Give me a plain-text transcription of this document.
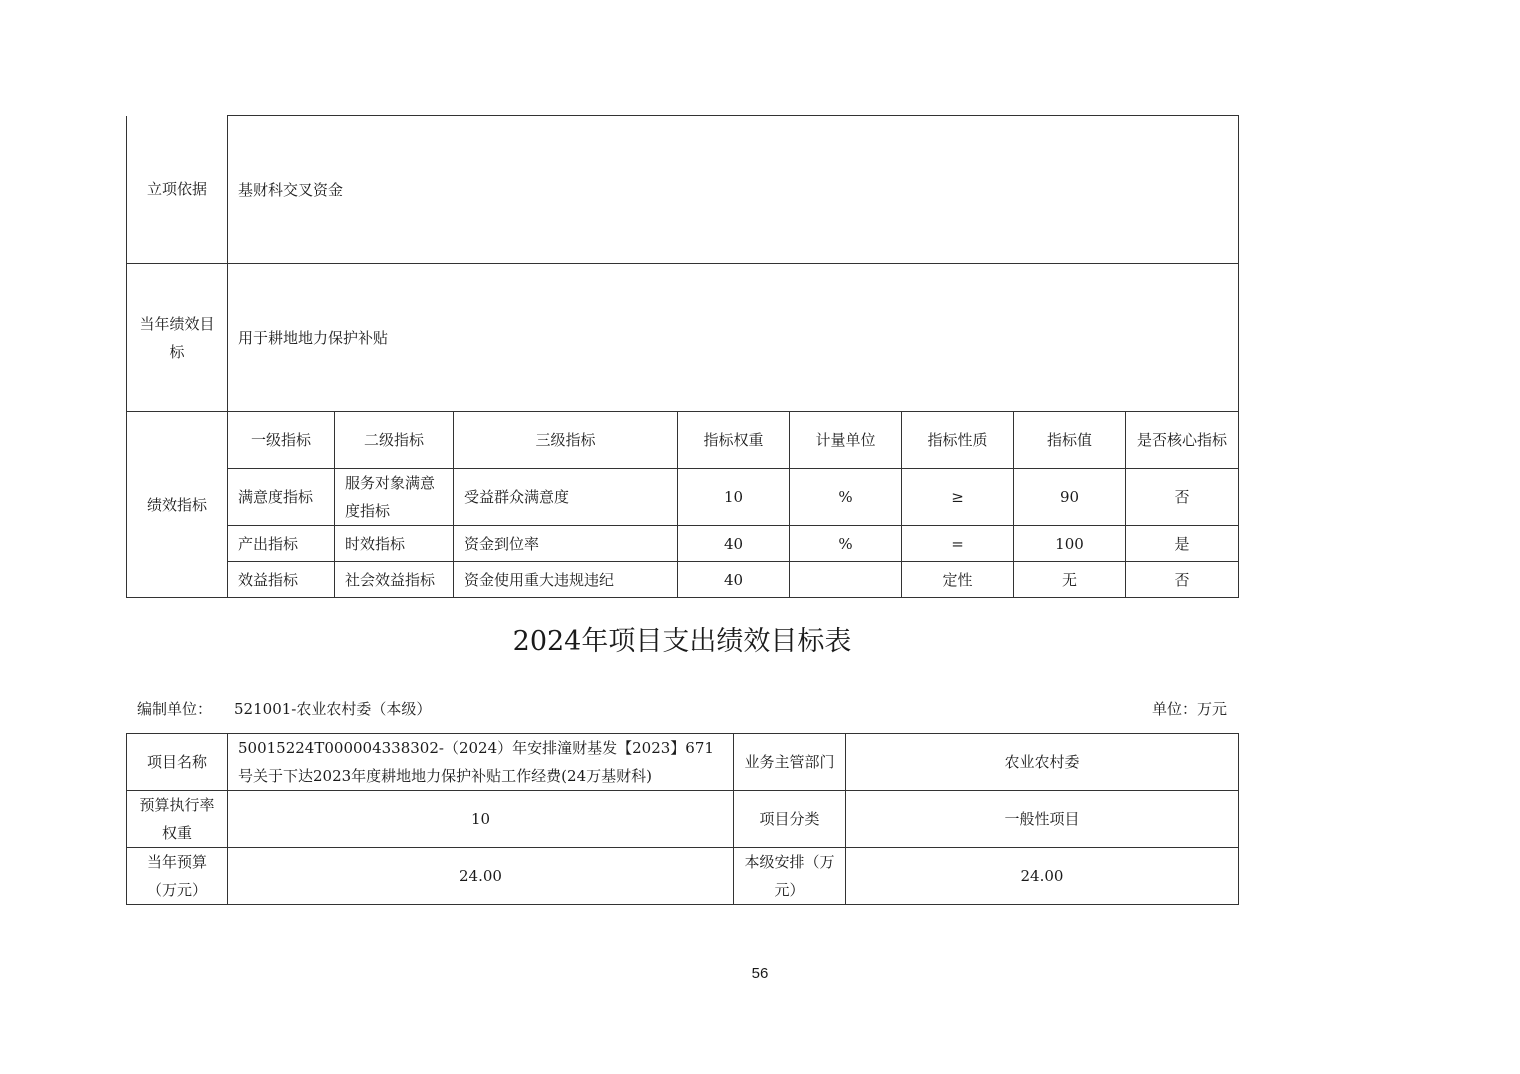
立项依据	基财科交叉资金							
当年绩效目标	用于耕地地力保护补贴							
绩效指标	一级指标	二级指标	三级指标	指标权重	计量单位	指标性质	指标值	是否核心指标
	满意度指标	服务对象满意度指标	受益群众满意度	10	%	≥	90	否
	产出指标	时效指标	资金到位率	40	%	=	100	是
	效益指标	社会效益指标	资金使用重大违规违纪	40		定性	无	否
2024年项目支出绩效目标表
编制单位： 521001-农业农村委（本级）	单位：万元
项目名称	50015224T000004338302-（2024）年安排潼财基发【2023】671号关于下达2023年度耕地地力保护补贴工作经费(24万基财科)	业务主管部门	农业农村委
预算执行率权重	10	项目分类	一般性项目
当年预算（万元）	24.00	本级安排（万元）	24.00
56
